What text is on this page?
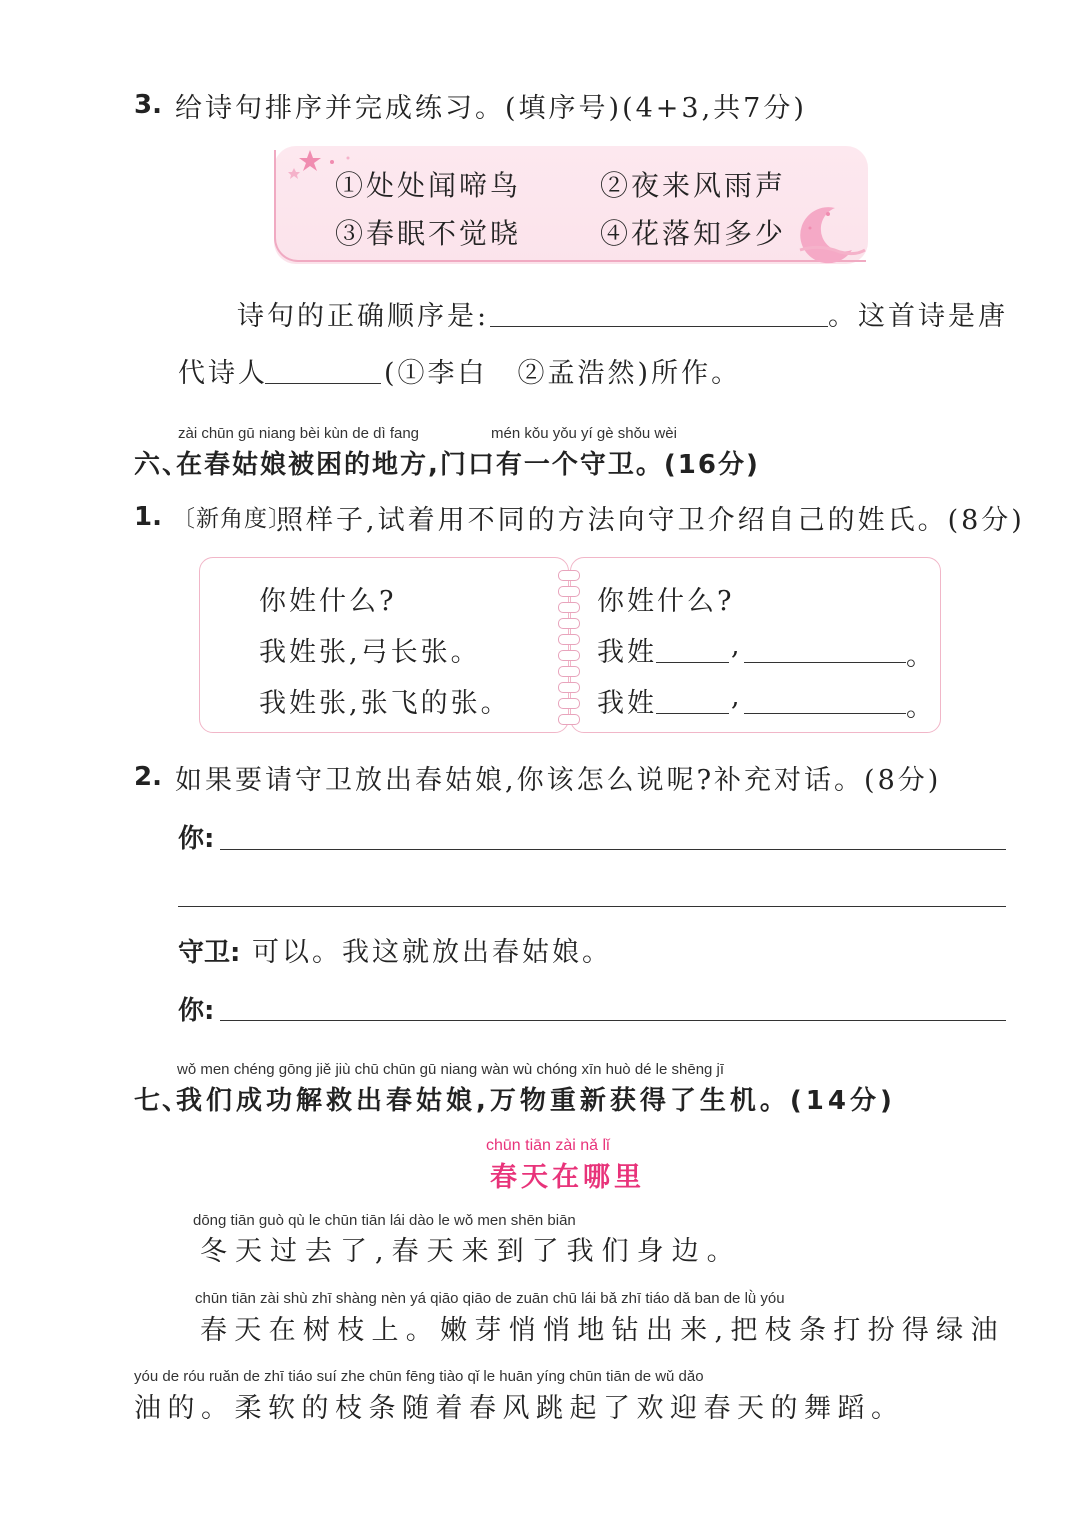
3. 给诗句排序并完成练习。(填序号)(4+3,共7分)
①处处闻啼鸟	②夜来风雨声
③春眠不觉晓	④花落知多少
诗句的正确顺序是:	。这首诗是唐
代诗人	(①李白　②孟浩然)所作。
zài chūn gū niang bèi kùn de dì fang	mén kǒu yǒu yí gè shǒu wèi
六、
在春姑娘被困的地方,门口有一个守卫。(16分)
1. 〔新角度〕
照样子,试着用不同的方法向守卫介绍自己的姓氏。(8分)
你姓什么?
我姓张,弓长张。
我姓张,张飞的张。
你姓什么?
我姓	,	。
我姓	,	。
2. 如果要请守卫放出春姑娘,你该怎么说呢?补充对话。(8分)
你:
守卫: 可以。我这就放出春姑娘。
你:
wǒ men chéng gōng jiě jiù chū chūn gū niang wàn wù chóng xīn huò dé le shēng jī
七、
我们成功解救出春姑娘,万物重新获得了生机。(14分)
chūn tiān zài nǎ lǐ
春天在哪里
dōng tiān guò qù le chūn tiān lái dào le wǒ men shēn biān
冬天过去了,春天来到了我们身边。
chūn tiān zài shù zhī shàng nèn yá qiāo qiāo de zuān chū lái bǎ zhī tiáo dǎ ban de lǜ yóu
春天在树枝上。嫩芽悄悄地钻出来,把枝条打扮得绿油
yóu de róu ruǎn de zhī tiáo suí zhe chūn fēng tiào qǐ le huān yíng chūn tiān de wǔ dǎo
油的。柔软的枝条随着春风跳起了欢迎春天的舞蹈。
